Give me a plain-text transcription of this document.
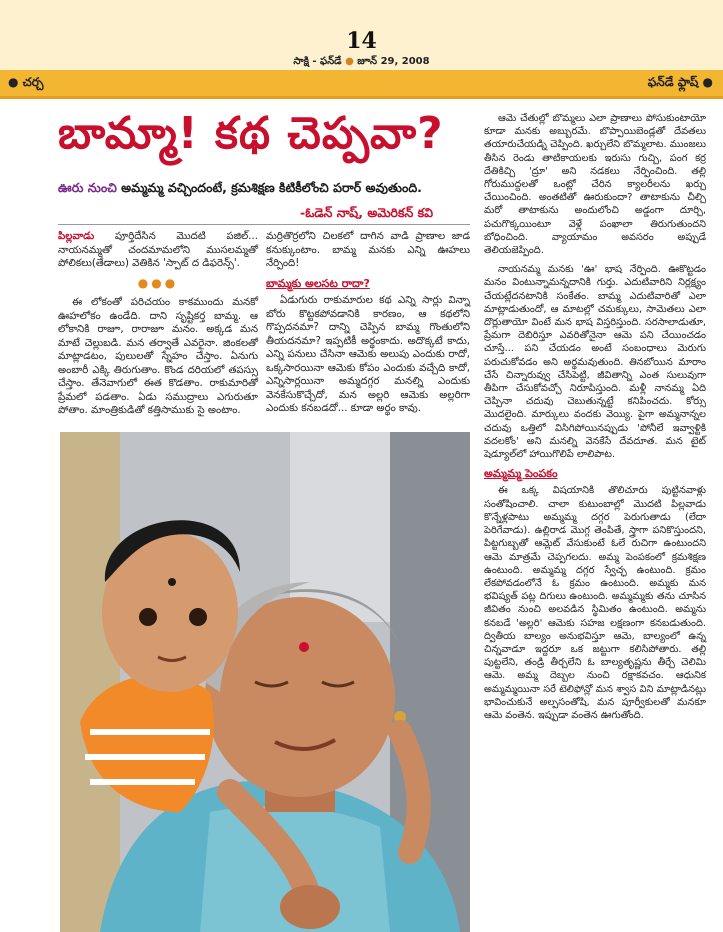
14
సాక్షి - ఫన్‌డే ● జూన్ 29, 2008
● చర్చ	ఫన్‌డే ఫ్లాష్ ●
బామ్మా! కథ చెప్పవా?
ఊరు నుంచి అమ్మమ్మ వచ్చిందంటే, క్రమశిక్షణ కిటికీలోంచి పరార్ అవుతుంది.
-ఓడెన్ నాష్, అమెరికన్ కవి

పిల్లవాడు పూర్తిదేసిన మొదటి పజిల్... నాయనమ్మతో చందమామలోని ముసలమ్మతో పోలికలు(తేడాలు) వెతికిన 'స్పాట్ ద డిఫరెన్స్'.

●●●

ఈ లోకంతో పరిచయం కాకముందు మనకో ఊహలోకం ఉండేది. దాని సృష్టికర్త బామ్మ. ఆ లోకానికి రాజూ, రారాజూ మనం. అక్కడ మన మాటే చెల్లుబడి. మన తర్వాతే ఎవరైనా. జింకలతో మాట్లాడటం, పులులతో స్నేహం చేస్తాం. ఏనుగు అంబారీ ఎక్కి తిరుగుతాం. కొండ దరియలో తపస్సు చేస్తాం. తేనెవాగులో ఈత కొడతాం. రాకుమారితో ప్రేమలో పడతాం. ఏడు సముద్రాలు ఎగురుతూ పోతాం. మాంత్రికుడితో కత్తిసాముకు సై అంటాం.

మర్రితొర్రలోని చిలకలో దాగిన వాడి ప్రాణాల జాడ కనుక్కుంటాం. బామ్మ మనకు ఎన్ని ఊహలు నేర్పింది!

బామ్మకు అలసట రాదా?

ఏడుగురు రాకుమారుల కథ ఎన్ని సార్లు విన్నా బోరు కొట్టకపోవడానికి కారణం, ఆ కథలోని గొప్పదనమా? దాన్ని చెప్పిన బామ్మ గొంతులోని తీయదనమా? ఇప్పటికీ అర్థంకాదు. అదొక్కటే కాదు, ఎన్ని పనులు చేసినా ఆమెకు అలుపు ఎందుకు రాదో, ఒక్కసారయినా ఆమెకు కోపం ఎందుకు వచ్చేది కాదో, ఎన్నిసార్లయినా అమ్మదగ్గర మనల్ని ఎందుకు వెనకేసుకొచ్చేదో, మన అల్లరి ఆమెకు అల్లరిగా ఎందుకు కనబడదో... కూడా అర్థం కావు.

ఆమె చేతుల్లో బొమ్మలు ఎలా ప్రాణాలు పోసుకుంటాయో కూడా మనకు అబ్బురమే. బొప్పాయిబెండ్లతో దేవతలు తయారుచేయడ్ని చెప్పింది. ఖర్చులేని బొమ్మలాట. ముంజలు తీసిన రెండు తాటికాయలకు ఇరుసు గుచ్చి, పంగ కర్ర దేతికిచ్చి 'ద్రూ' అని నడకలు నేర్పించింది. తల్లి గోరుముద్దలతో ఒంట్లో చేరిన క్యాలరీలను ఖర్చు చేయించింది. అంతటితో ఊరుకుందా? తాటాకును చీల్చి మరో తాటాకును అందులోంచి అడ్డంగా దూర్చి, పచుగొక్కయింటూ వెళ్లే పంఖాలా తిరుగుతుందని బోధించింది. వ్యాయామం అవసరం అప్పుడే తెలియజెప్పింది.

నాయనమ్మ మనకు 'ఊ' భాష నేర్పింది. ఊకొట్టడం మనం వింటున్నామన్నదానికి గుర్తు. ఎదుటివారిని నిర్లక్ష్యం చేయట్లేదనటానికి సంకేతం. బామ్మ ఎదుటివారితో ఎలా మాట్లాడుతుందో, ఆ మాటల్లో చమక్కులు, సామెతలు ఎలా దొర్లుతాయో వింటే మన భాష విస్తరిస్తుంది. సరసాలాడుతూ, ప్రేమగా దెబిరిస్తూ ఎవరితోనైనా ఆమె పని చేయించడం చూస్తే... పని చేయడం అంటే సంబంధాలు మెరుగు పరుచుకోవడం అని అర్థమవుతుంది. తినబోయిన మారాం చేసే చిన్నారువ్వు చేసిపెట్టి, జీవితాన్ని ఎంత సులువుగా తీపిగా చేసుకోవచ్చో నిరూపిస్తుంది. మళ్లీ నానమ్మ ఏది చెప్పినా చదువు చెబుతున్నట్టే కనిపించదు. కోర్సు మొదలైంది. మార్కులు వందకు వెయ్యి. పైగా అమ్మనాన్నల చదువు ఒత్తిలో విసిగిపోయినప్పుడు 'పోనీలే ఇవ్వాళ్టికి వదలకోం' అని మనల్ని వెనకేసే దేవదూత. మన టైట్ షెడ్యూల్‌లో హాయిగొలిపే లాలిపాట.

అమ్మమ్మ పెంపకం

ఈ ఒక్క విషయానికి తొలిచూరు పుట్టినవాళ్లు సంతోషించాలి. చాలా కుటుంబాల్లో మొదటి పిల్లవాడు కొన్నేళ్లపాటు అమ్మమ్మ దగ్గర పెరుగుతాడు (లేదా పెరిగేవాడు). ఉల్లిరాడ మొగ్గ తెంపితే, స్త్రాగా పనికొస్తుందని, పిట్టగుబ్బతో ఆమ్లెట్ వేసుకుంటే ఓలే రుచిగా ఉంటుందని ఆమె మాత్రమే చెప్పగలదు. అమ్మ పెంపకంలో క్రమశిక్షణ ఉంటుంది. అమ్మమ్మ దగ్గర స్వేచ్ఛ ఉంటుంది. క్రమం లేకపోవడంలోనే ఓ క్రమం ఉంటుంది. అమ్మకు మన భవిష్యత్ పట్ల దిగులు ఉంటుంది. అమ్మమ్మకు తను చూసిన జీవితం నుంచి అలవడిన స్థిమితం ఉంటుంది. అమ్మను కనబడే 'అల్లరి' ఆమెకు సహజ లక్షణంగా కనబడుతుంది. ద్వితీయ బాల్యం అనుభవిస్తూ ఆమె, బాల్యంలో ఉన్న చిన్నవాడూ ఇద్దరూ ఒక జట్టుగా కలిసిపోతారు. తల్లి పుట్టలేని, తండ్రి తీర్చలేని ఓ బాల్యతృష్ణను తీర్చే చెలిమి ఆమె. అమ్మ దెబ్బల నుంచి రక్షాకవచం. ఆధునిక అమ్మమ్మయినా సరే టెలిఫోన్లో మన శ్వాస విని మాట్లాడినట్లు భావించుకునే అల్పసంతోషి, మన పూర్వీకులతో మనకూ ఆమె వంతెన. ఇప్పుడా వంతెన ఊగుతోంది.
